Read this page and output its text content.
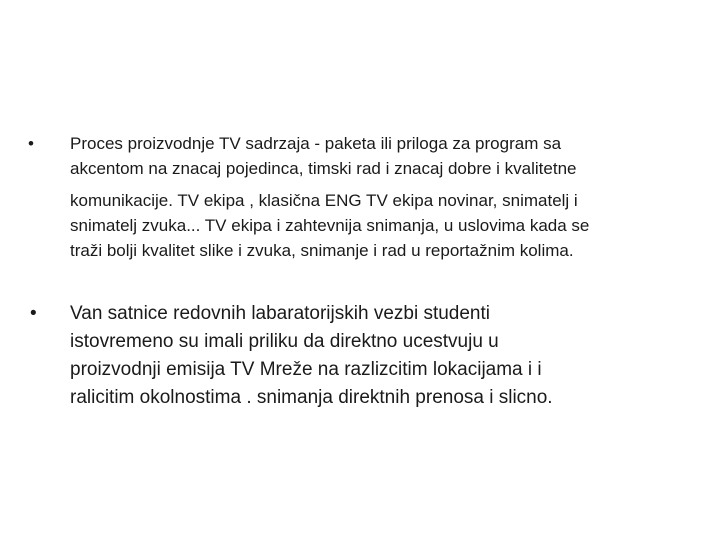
• Proces proizvodnje TV sadrzaja - paketa ili priloga za program sa
akcentom na znacaj pojedinca, timski rad i znacaj dobre i kvalitetne
komunikacije. TV ekipa , klasična ENG TV ekipa novinar, snimatelj i
snimatelj zvuka... TV ekipa i zahtevnija snimanja, u uslovima kada se
traži bolji kvalitet slike i zvuka, snimanje i rad u reportažnim kolima.
• Van satnice redovnih labaratorijskih vezbi studenti
istovremeno su imali priliku da direktno ucestvuju u
proizvodnji emisija TV Mreže na razlizcitim lokacijama i i
ralicitim okolnostima . snimanja direktnih prenosa i slicno.
